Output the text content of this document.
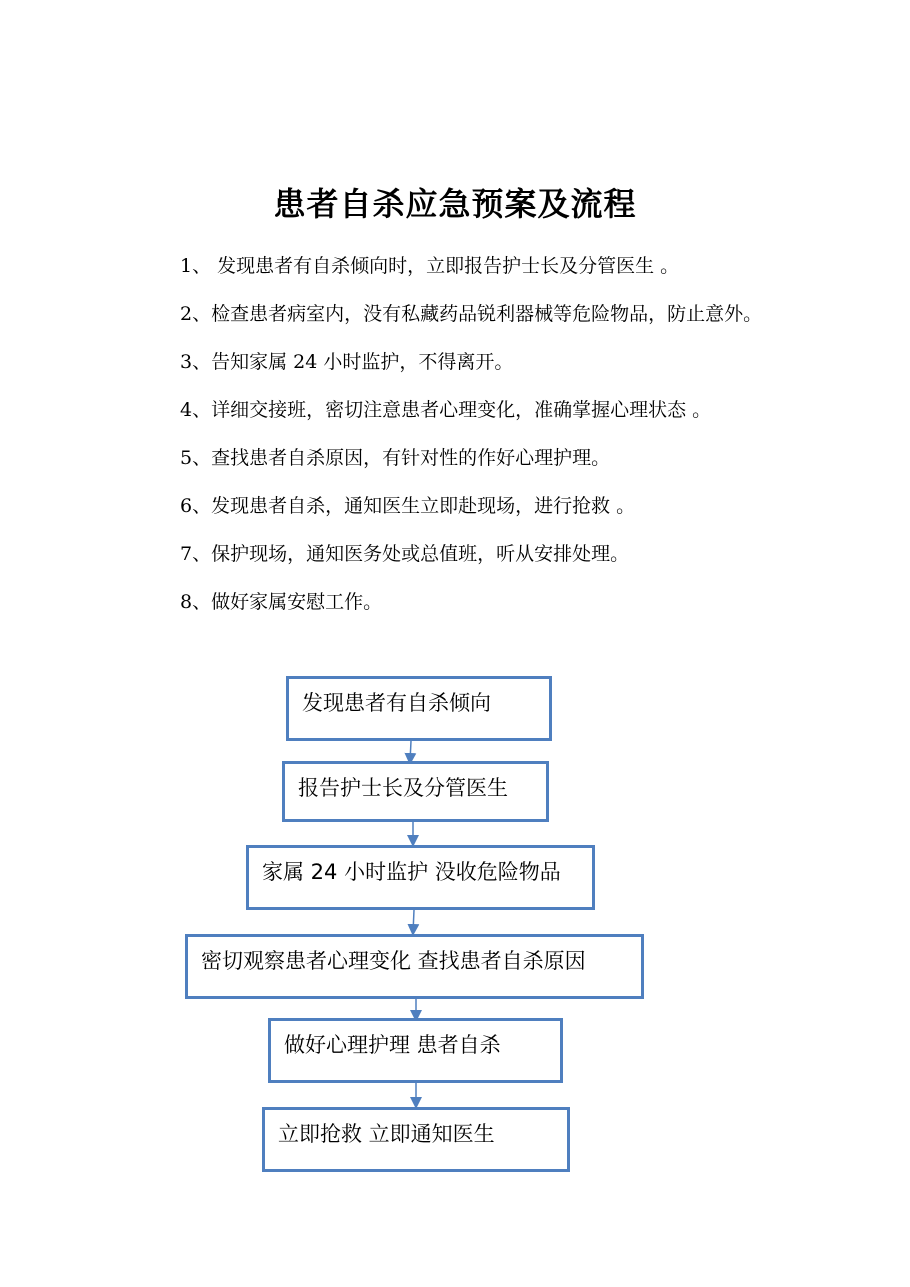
患者自杀应急预案及流程

1、 发现患者有自杀倾向时，立即报告护士长及分管医生 。

2、检查患者病室内，没有私藏药品锐利器械等危险物品，防止意外。

3、告知家属 24 小时监护，不得离开。

4、详细交接班，密切注意患者心理变化，准确掌握心理状态 。

5、查找患者自杀原因，有针对性的作好心理护理。

6、发现患者自杀，通知医生立即赴现场，进行抢救 。

7、保护现场，通知医务处或总值班，听从安排处理。

8、做好家属安慰工作。

发现患者有自杀倾向
报告护士长及分管医生
家属 24 小时监护 没收危险物品
密切观察患者心理变化 查找患者自杀原因
做好心理护理 患者自杀
立即抢救 立即通知医生
